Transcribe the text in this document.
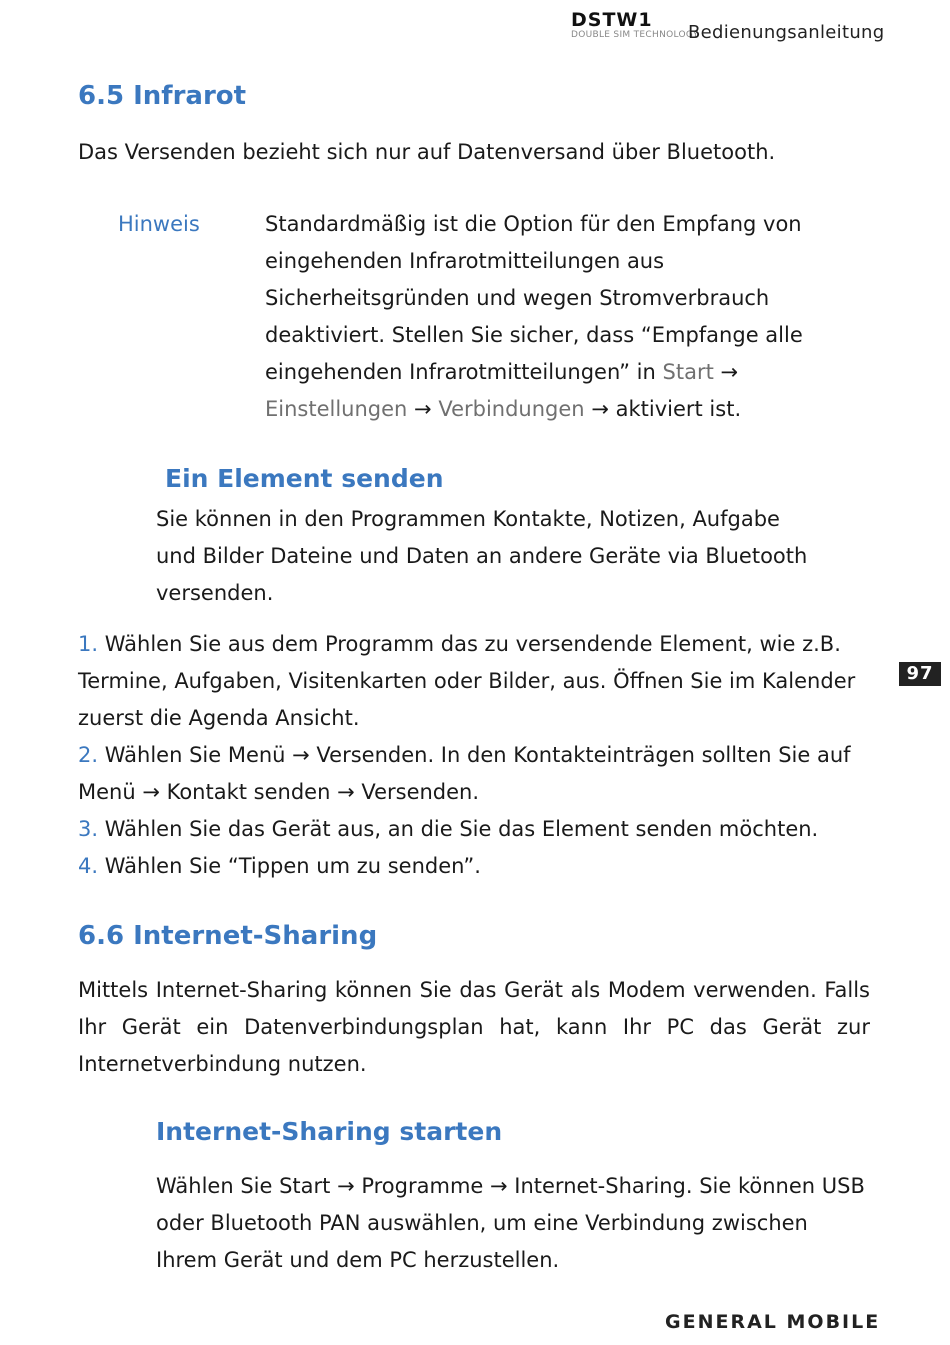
DSTW1
DOUBLE SIM TECHNOLOGY
Bedienungsanleitung
6.5 Infrarot
Das Versenden bezieht sich nur auf Datenversand über Bluetooth.
Hinweis	Standardmäßig ist die Option für den Empfang von eingehenden Infrarotmitteilungen aus Sicherheitsgründen und wegen Stromverbrauch deaktiviert. Stellen Sie sicher, dass “Empfange alle eingehenden Infrarotmitteilungen” in Start → Einstellungen → Verbindungen → aktiviert ist.
Ein Element senden
Sie können in den Programmen Kontakte, Notizen, Aufgabe und Bilder Dateine und Daten an andere Geräte via Bluetooth versenden.
1. Wählen Sie aus dem Programm das zu versendende Element, wie z.B. Termine, Aufgaben, Visitenkarten oder Bilder, aus. Öffnen Sie im Kalender zuerst die Agenda Ansicht.
2. Wählen Sie Menü → Versenden. In den Kontakteinträgen sollten Sie auf Menü → Kontakt senden → Versenden.
3. Wählen Sie das Gerät aus, an die Sie das Element senden möchten.
4. Wählen Sie “Tippen um zu senden”.
97
6.6 Internet-Sharing
Mittels Internet-Sharing können Sie das Gerät als Modem verwenden. Falls Ihr Gerät ein Datenverbindungsplan hat, kann Ihr PC das Gerät zur Internetverbindung nutzen.
Internet-Sharing starten
Wählen Sie Start → Programme → Internet-Sharing. Sie können USB oder Bluetooth PAN auswählen, um eine Verbindung zwischen Ihrem Gerät und dem PC herzustellen.
GENERAL MOBILE
